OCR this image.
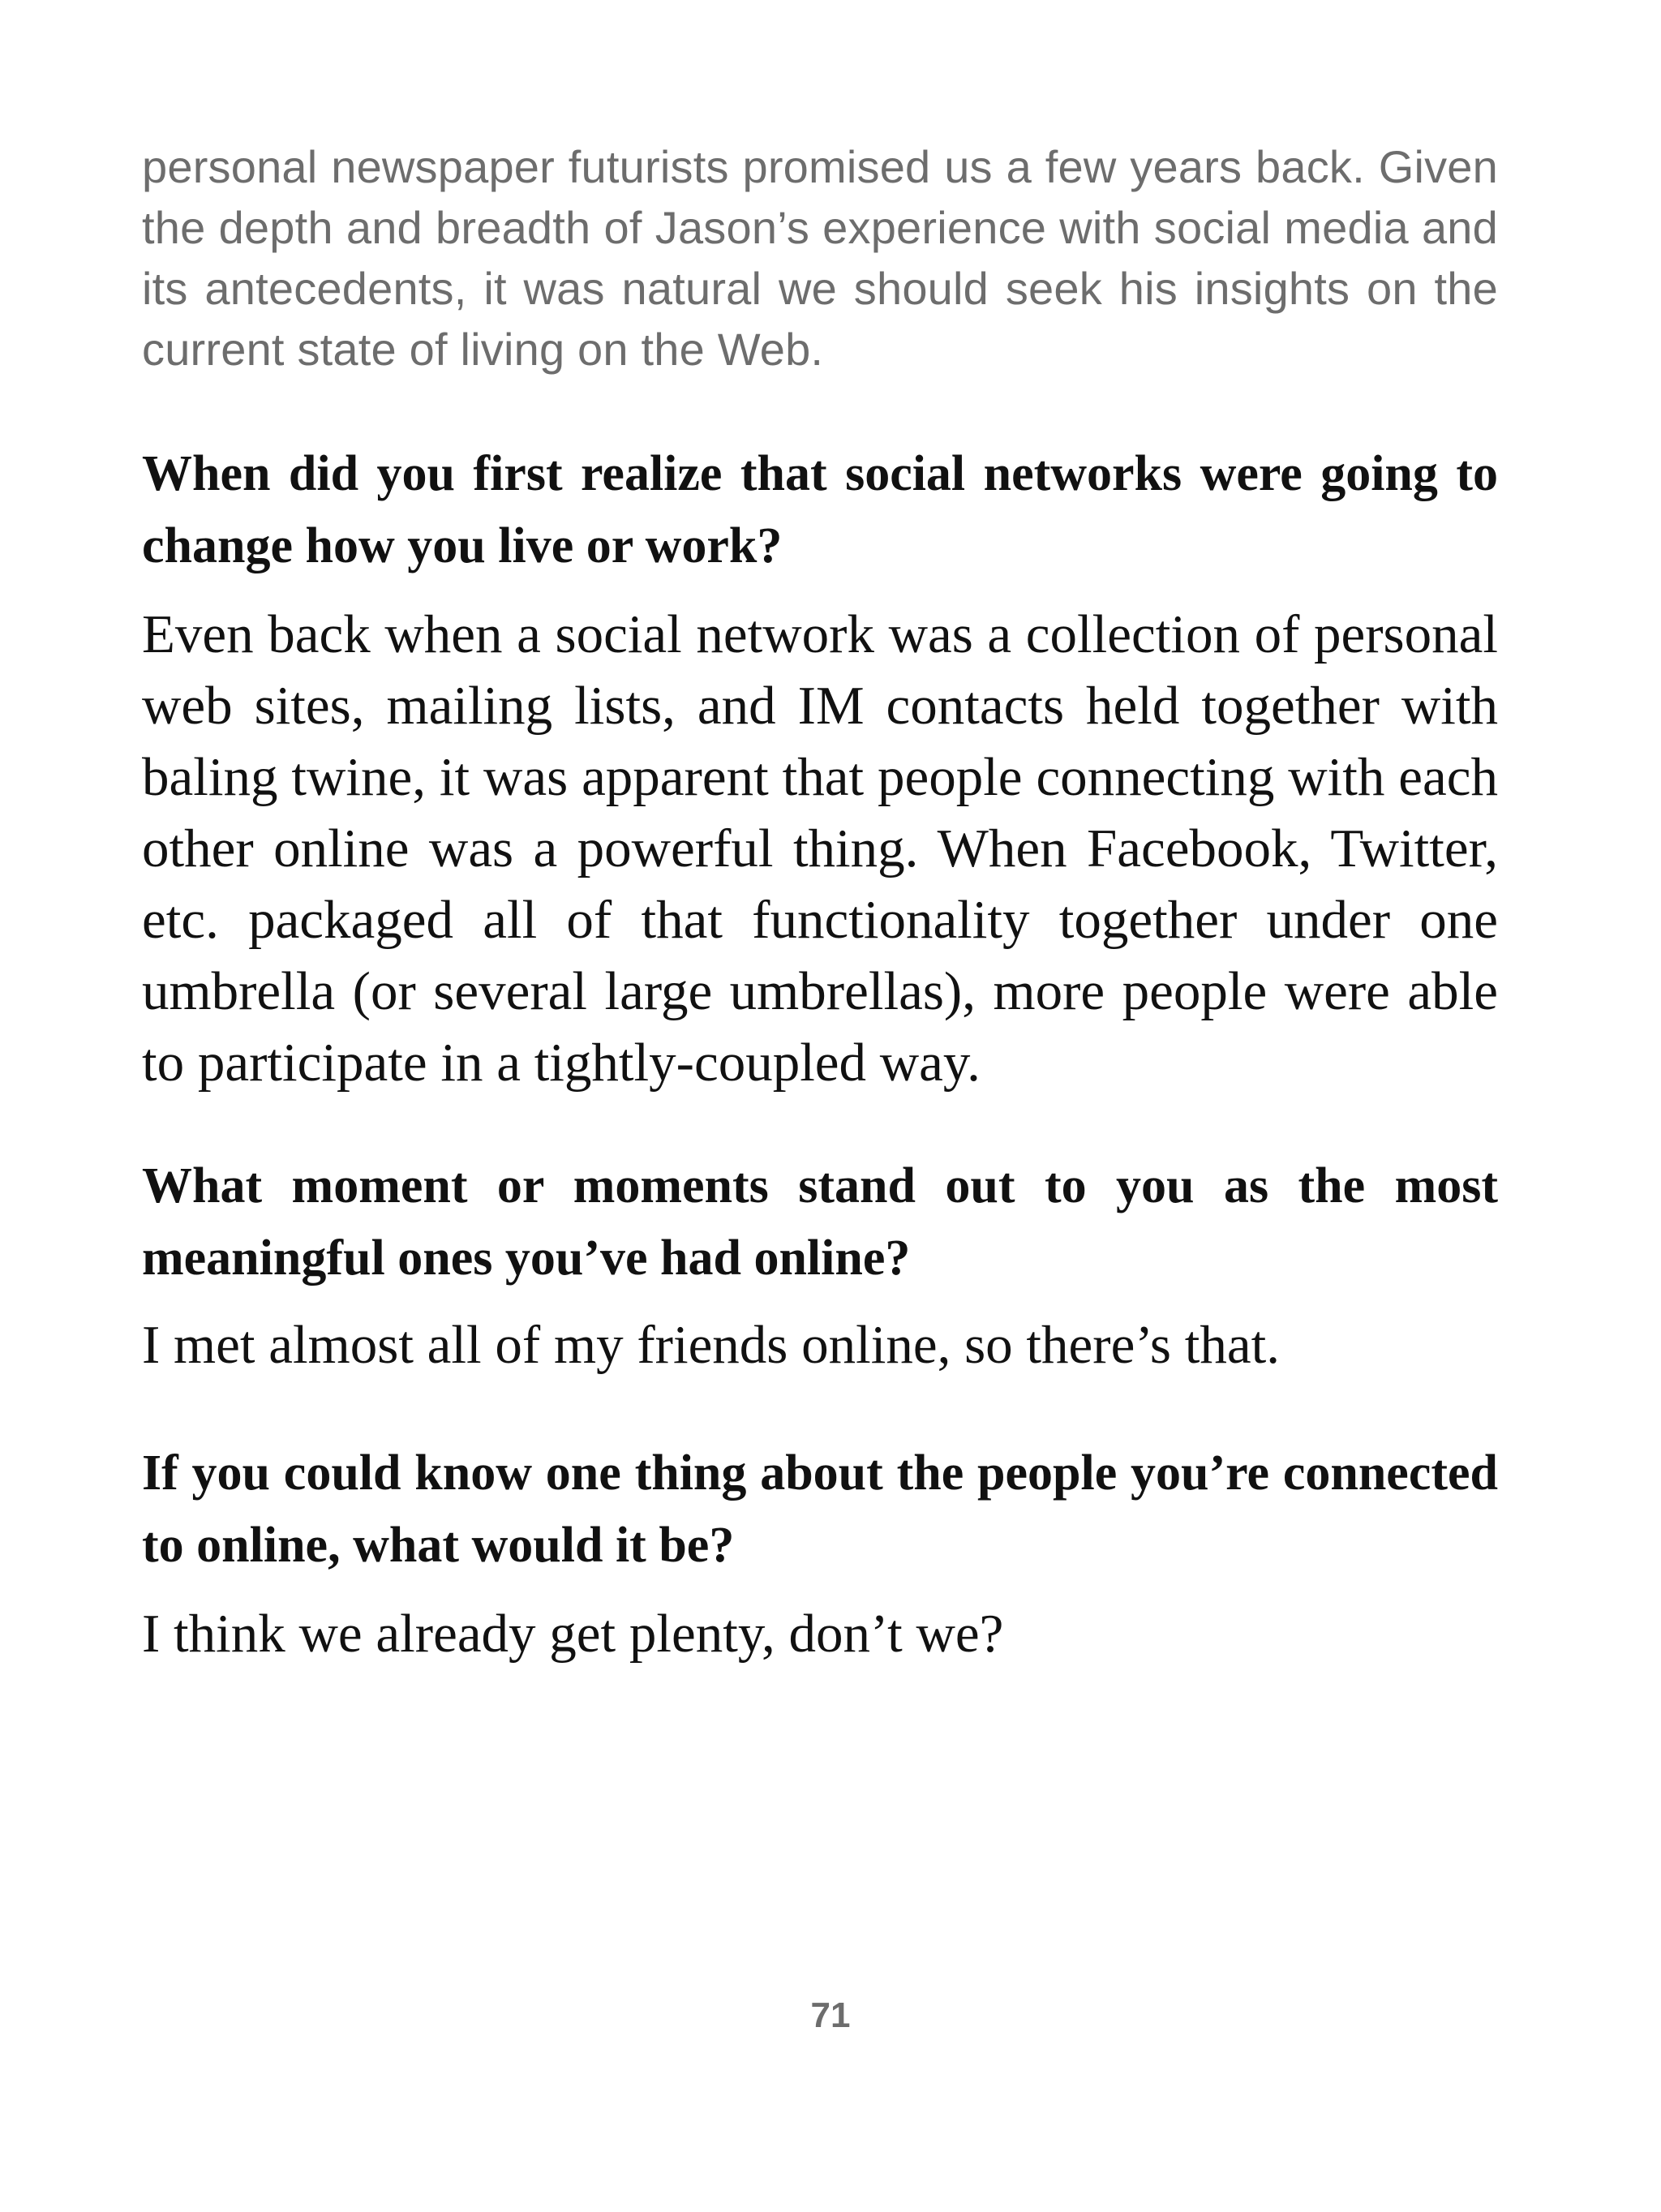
personal newspaper futurists promised us a few years back. Given the depth and breadth of Jason’s experience with social media and its antecedents, it was natural we should seek his insights on the current state of living on the Web.

When did you first realize that social networks were going to change how you live or work?

Even back when a social network was a collection of personal web sites, mailing lists, and IM contacts held together with baling twine, it was apparent that people connecting with each other online was a powerful thing. When Facebook, Twitter, etc. packaged all of that functionality together under one umbrella (or several large umbrellas), more people were able to participate in a tightly-coupled way.

What moment or moments stand out to you as the most meaningful ones you’ve had online?

I met almost all of my friends online, so there’s that.

If you could know one thing about the people you’re connected to online, what would it be?

I think we already get plenty, don’t we?

71
